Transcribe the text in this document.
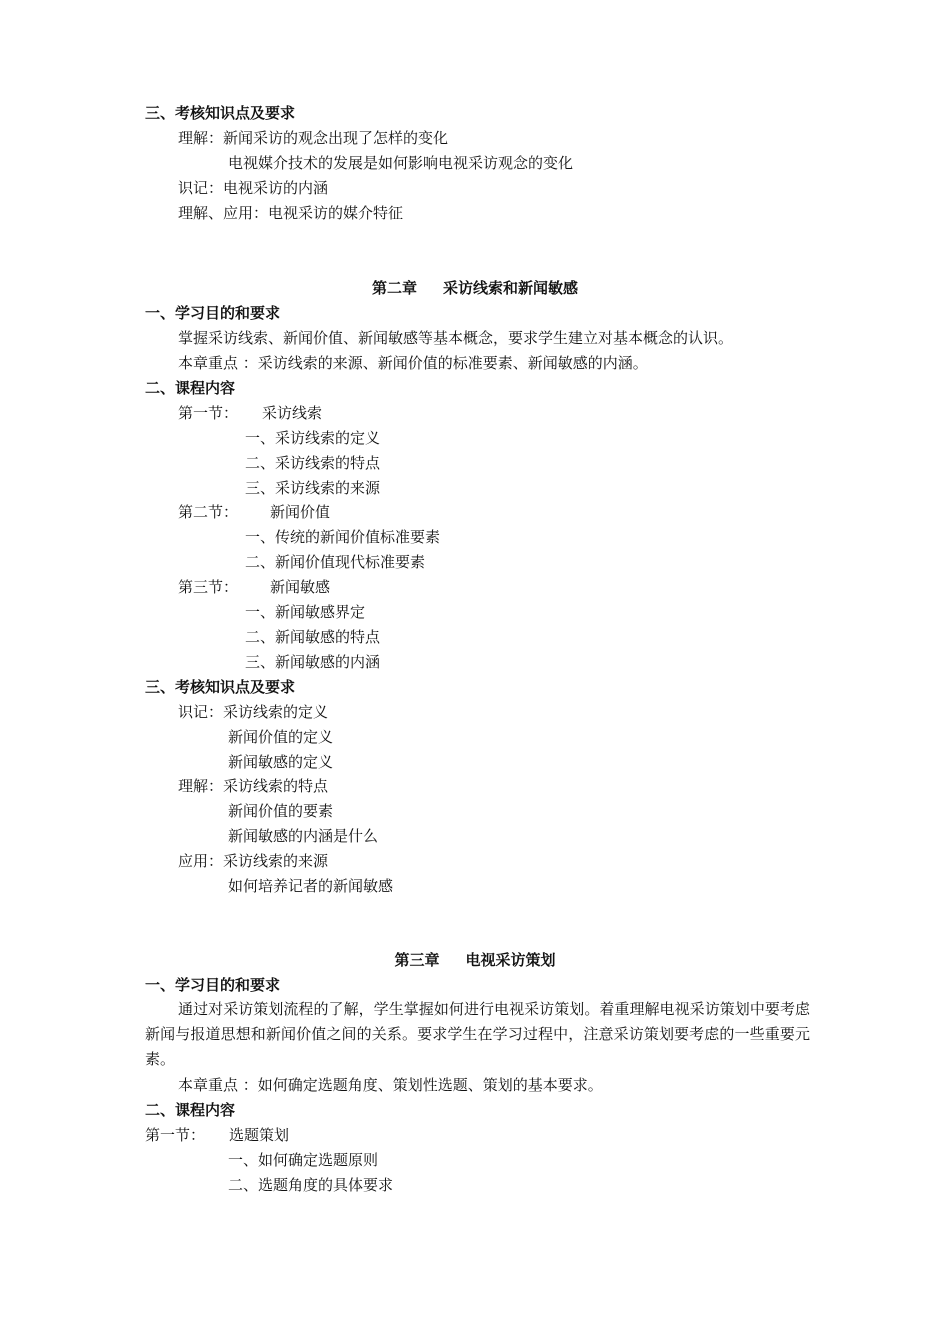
三、考核知识点及要求
理解：新闻采访的观念出现了怎样的变化
电视媒介技术的发展是如何影响电视采访观念的变化
识记：电视采访的内涵
理解、应用：电视采访的媒介特征
第二章 采访线索和新闻敏感
一、学习目的和要求
掌握采访线索、新闻价值、新闻敏感等基本概念，要求学生建立对基本概念的认识。
本章重点 ：采访线索的来源、新闻价值的标准要素、新闻敏感的内涵。
二、课程内容
第一节： 采访线索
一、采访线索的定义
二、采访线索的特点
三、采访线索的来源
第二节： 新闻价值
一、传统的新闻价值标准要素
二、新闻价值现代标准要素
第三节： 新闻敏感
一、新闻敏感界定
二、新闻敏感的特点
三、新闻敏感的内涵
三、考核知识点及要求
识记：采访线索的定义
新闻价值的定义
新闻敏感的定义
理解：采访线索的特点
新闻价值的要素
新闻敏感的内涵是什么
应用：采访线索的来源
如何培养记者的新闻敏感
第三章 电视采访策划
一、学习目的和要求
通过对采访策划流程的了解，学生掌握如何进行电视采访策划。着重理解电视采访策划中要考虑新闻与报道思想和新闻价值之间的关系。要求学生在学习过程中，注意采访策划要考虑的一些重要元素。
本章重点 ：如何确定选题角度、策划性选题、策划的基本要求。
二、课程内容
第一节： 选题策划
一、如何确定选题原则
二、选题角度的具体要求
